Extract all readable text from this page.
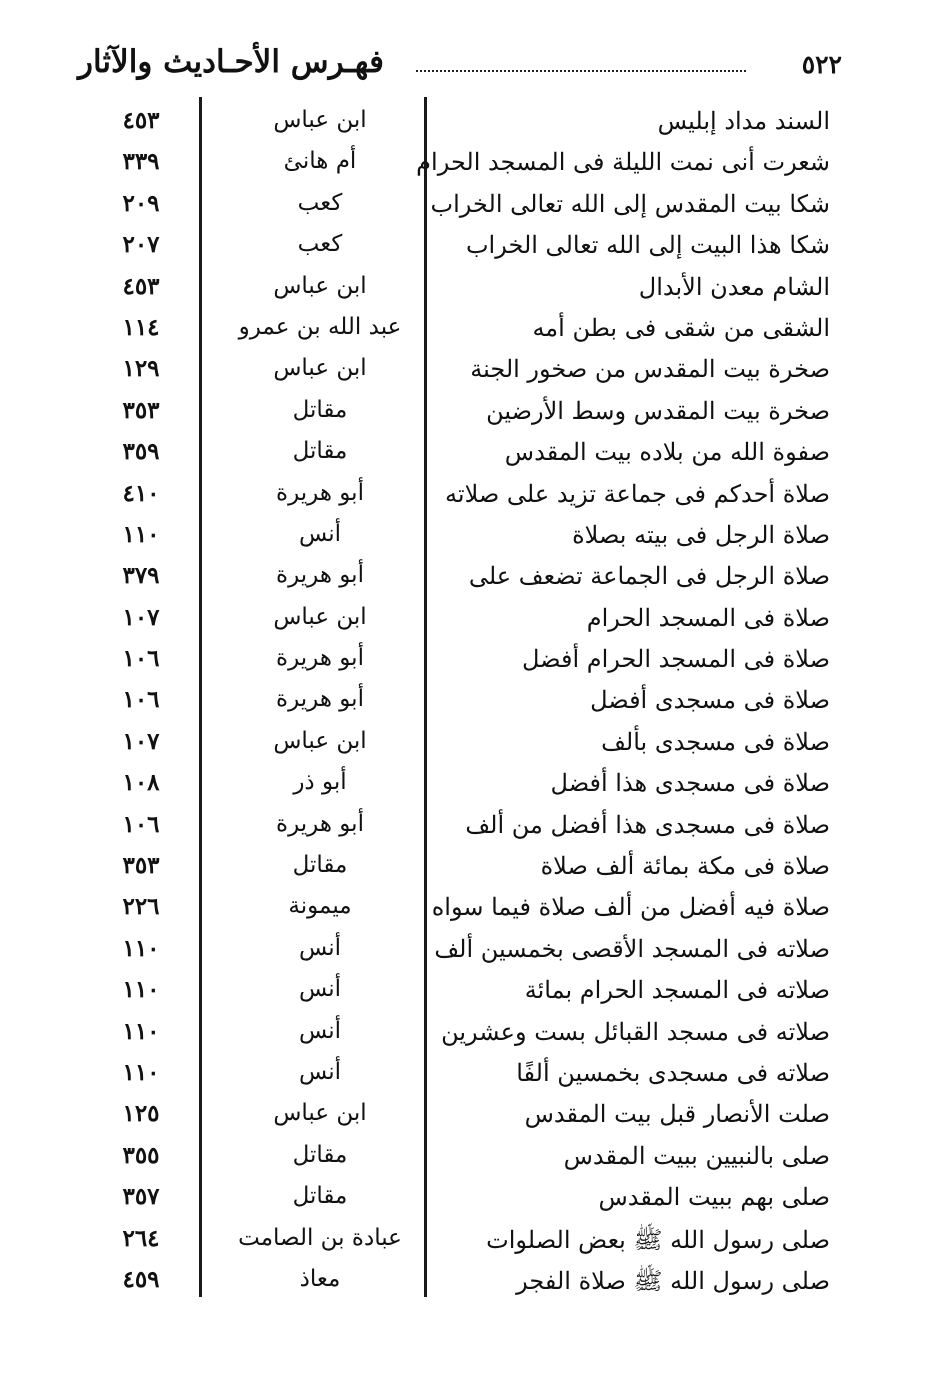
فهـرس الأحـاديث والآثار	٥٢٢
السند مداد إبليس
ابن عباس
٤٥٣
شعرت أنى نمت الليلة فى المسجد الحرام
أم هانئ
٣٣٩
شكا بيت المقدس إلى الله تعالى الخراب
كعب
٢٠٩
شكا هذا البيت إلى الله تعالى الخراب
كعب
٢٠٧
الشام معدن الأبدال
ابن عباس
٤٥٣
الشقى من شقى فى بطن أمه
عبد الله بن عمرو
١١٤
صخرة بيت المقدس من صخور الجنة
ابن عباس
١٢٩
صخرة بيت المقدس وسط الأرضين
مقاتل
٣٥٣
صفوة الله من بلاده بيت المقدس
مقاتل
٣٥٩
صلاة أحدكم فى جماعة تزيد على صلاته
أبو هريرة
٤١٠
صلاة الرجل فى بيته بصلاة
أنس
١١٠
صلاة الرجل فى الجماعة تضعف على
أبو هريرة
٣٧٩
صلاة فى المسجد الحرام
ابن عباس
١٠٧
صلاة فى المسجد الحرام أفضل
أبو هريرة
١٠٦
صلاة فى مسجدى أفضل
أبو هريرة
١٠٦
صلاة فى مسجدى بألف
ابن عباس
١٠٧
صلاة فى مسجدى هذا أفضل
أبو ذر
١٠٨
صلاة فى مسجدى هذا أفضل من ألف
أبو هريرة
١٠٦
صلاة فى مكة بمائة ألف صلاة
مقاتل
٣٥٣
صلاة فيه أفضل من ألف صلاة فيما سواه
ميمونة
٢٢٦
صلاته فى المسجد الأقصى بخمسين ألف
أنس
١١٠
صلاته فى المسجد الحرام بمائة
أنس
١١٠
صلاته فى مسجد القبائل بست وعشرين
أنس
١١٠
صلاته فى مسجدى بخمسين ألفًا
أنس
١١٠
صلت الأنصار قبل بيت المقدس
ابن عباس
١٢٥
صلى بالنبيين ببيت المقدس
مقاتل
٣٥٥
صلى بهم ببيت المقدس
مقاتل
٣٥٧
صلى رسول الله ﷺ بعض الصلوات
عبادة بن الصامت
٢٦٤
صلى رسول الله ﷺ صلاة الفجر
معاذ
٤٥٩
